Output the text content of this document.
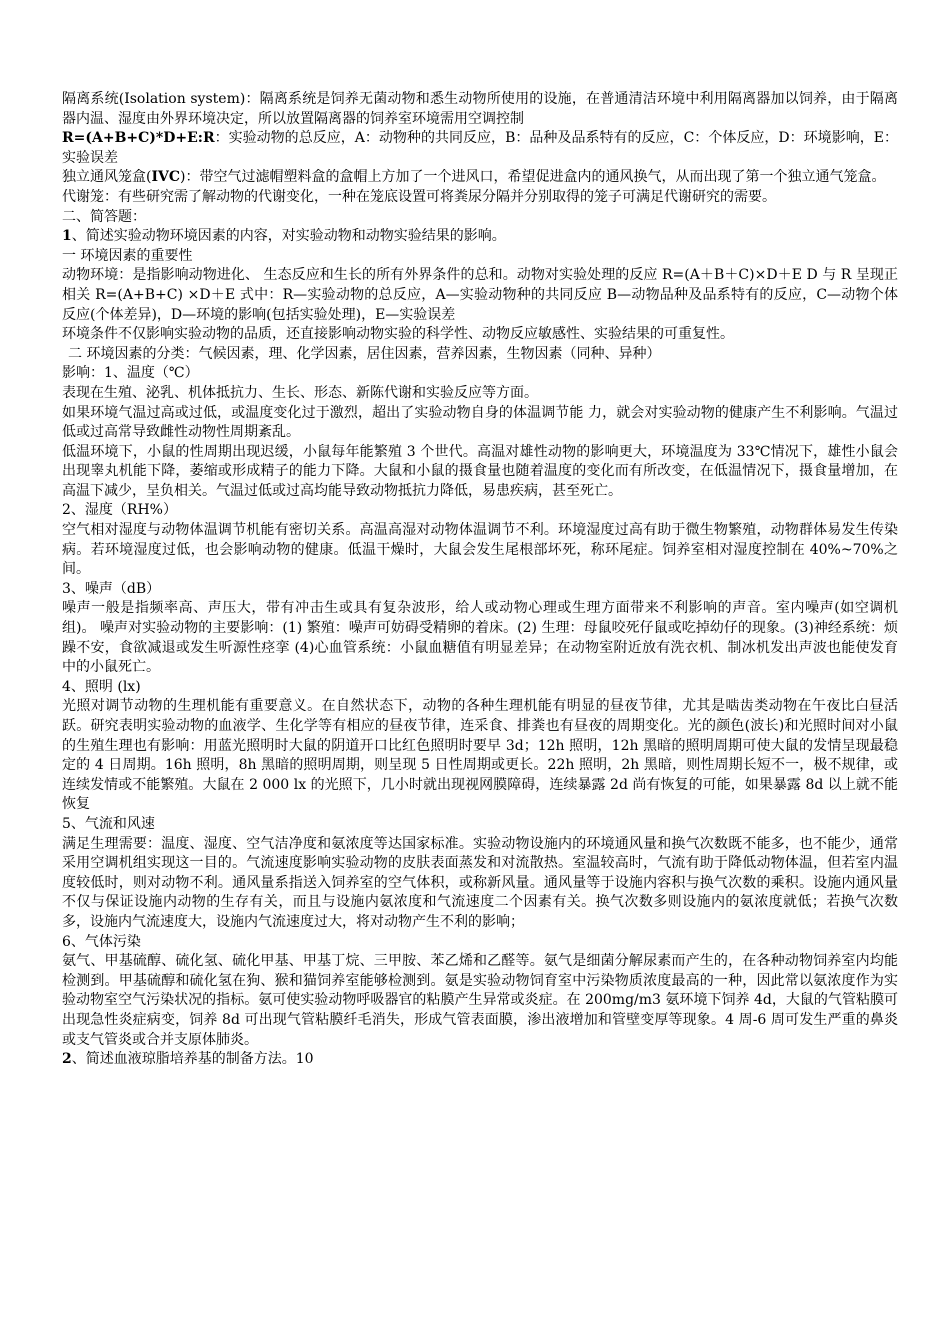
隔离系统(Isolation system)：隔离系统是饲养无菌动物和悉生动物所使用的设施，在普通清洁环境中利用隔离器加以饲养，由于隔离器内温、湿度由外界环境决定，所以放置隔离器的饲养室环境需用空调控制

R=(A+B+C)*D+E:R：实验动物的总反应，A：动物种的共同反应，B：品种及品系特有的反应，C：个体反应，D：环境影响，E：实验误差

独立通风笼盒(IVC)：带空气过滤帽塑料盒的盒帽上方加了一个进风口，希望促进盒内的通风换气，从而出现了第一个独立通气笼盒。

代谢笼：有些研究需了解动物的代谢变化，一种在笼底设置可将粪尿分隔并分别取得的笼子可满足代谢研究的需要。

二、简答题：

1、简述实验动物环境因素的内容，对实验动物和动物实验结果的影响。

一 环境因素的重要性

动物环境：是指影响动物进化、 生态反应和生长的所有外界条件的总和。动物对实验处理的反应 R=(A＋B＋C)×D＋E D 与 R 呈现正相关 R=(A+B+C) ×D＋E 式中：R—实验动物的总反应，A—实验动物种的共同反应 B—动物品种及品系特有的反应，C—动物个体反应(个体差异)，D—环境的影响(包括实验处理)，E—实验误差

环境条件不仅影响实验动物的品质，还直接影响动物实验的科学性、动物反应敏感性、实验结果的可重复性。

二 环境因素的分类：气候因素，理、化学因素，居住因素，营养因素，生物因素（同种、异种）

影响：1、温度（℃）

表现在生殖、泌乳、机体抵抗力、生长、形态、新陈代谢和实验反应等方面。

如果环境气温过高或过低，或温度变化过于激烈，超出了实验动物自身的体温调节能 力，就会对实验动物的健康产生不利影响。气温过低或过高常导致雌性动物性周期紊乱。

低温环境下，小鼠的性周期出现迟缓，小鼠每年能繁殖 3 个世代。高温对雄性动物的影响更大，环境温度为 33℃情况下，雄性小鼠会出现睾丸机能下降，萎缩或形成精子的能力下降。大鼠和小鼠的摄食量也随着温度的变化而有所改变，在低温情况下，摄食量增加，在高温下减少，呈负相关。气温过低或过高均能导致动物抵抗力降低，易患疾病，甚至死亡。

2、湿度（RH%）

空气相对湿度与动物体温调节机能有密切关系。高温高湿对动物体温调节不利。环境湿度过高有助于微生物繁殖，动物群体易发生传染病。若环境湿度过低，也会影响动物的健康。低温干燥时，大鼠会发生尾根部坏死，称环尾症。饲养室相对湿度控制在 40%~70%之间。

3、噪声（dB）

噪声一般是指频率高、声压大，带有冲击生或具有复杂波形，给人或动物心理或生理方面带来不利影响的声音。室内噪声(如空调机组)。 噪声对实验动物的主要影响：(1) 繁殖：噪声可妨碍受精卵的着床。(2) 生理：母鼠咬死仔鼠或吃掉幼仔的现象。(3)神经系统：烦躁不安，食欲减退或发生听源性痉挛 (4)心血管系统：小鼠血糖值有明显差异；在动物室附近放有洗衣机、制冰机发出声波也能使发育中的小鼠死亡。

4、照明 (lx)

光照对调节动物的生理机能有重要意义。在自然状态下，动物的各种生理机能有明显的昼夜节律，尤其是啮齿类动物在午夜比白昼活跃。研究表明实验动物的血液学、生化学等有相应的昼夜节律，连采食、排粪也有昼夜的周期变化。光的颜色(波长)和光照时间对小鼠的生殖生理也有影响：用蓝光照明时大鼠的阴道开口比红色照明时要早 3d；12h 照明，12h 黑暗的照明周期可使大鼠的发情呈现最稳定的 4 日周期。16h 照明，8h 黑暗的照明周期，则呈现 5 日性周期或更长。22h 照明，2h 黑暗，则性周期长短不一，极不规律，或连续发情或不能繁殖。大鼠在 2 000 lx 的光照下，几小时就出现视网膜障碍，连续暴露 2d 尚有恢复的可能，如果暴露 8d 以上就不能恢复

5、气流和风速

满足生理需要：温度、湿度、空气洁净度和氨浓度等达国家标准。实验动物设施内的环境通风量和换气次数既不能多，也不能少，通常采用空调机组实现这一目的。气流速度影响实验动物的皮肤表面蒸发和对流散热。室温较高时，气流有助于降低动物体温，但若室内温度较低时，则对动物不利。通风量系指送入饲养室的空气体积，或称新风量。通风量等于设施内容积与换气次数的乘积。设施内通风量不仅与保证设施内动物的生存有关，而且与设施内氨浓度和气流速度二个因素有关。换气次数多则设施内的氨浓度就低；若换气次数多，设施内气流速度大，设施内气流速度过大，将对动物产生不利的影响；

6、气体污染

氨气、甲基硫醇、硫化氢、硫化甲基、甲基丁烷、三甲胺、苯乙烯和乙醛等。氨气是细菌分解尿素而产生的，在各种动物饲养室内均能检测到。甲基硫醇和硫化氢在狗、猴和猫饲养室能够检测到。氨是实验动物饲育室中污染物质浓度最高的一种，因此常以氨浓度作为实验动物室空气污染状况的指标。氨可使实验动物呼吸器官的粘膜产生异常或炎症。在 200mg/m3 氨环境下饲养 4d，大鼠的气管粘膜可出现急性炎症病变，饲养 8d 可出现气管粘膜纤毛消失，形成气管表面膜，渗出液增加和管壁变厚等现象。4 周-6 周可发生严重的鼻炎或支气管炎或合并支原体肺炎。

2、简述血液琼脂培养基的制备方法。10
